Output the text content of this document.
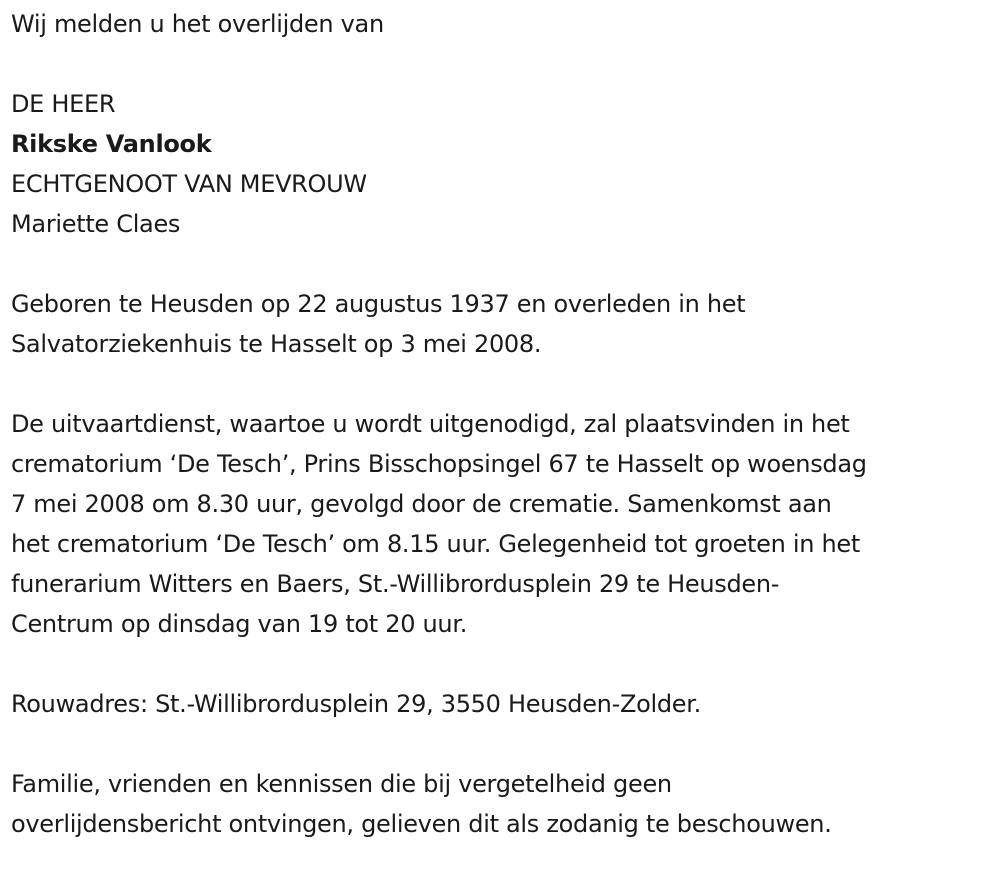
Wij melden u het overlijden van
DE HEER
Rikske Vanlook
ECHTGENOOT VAN MEVROUW
Mariette Claes
Geboren te Heusden op 22 augustus 1937 en overleden in het
Salvatorziekenhuis te Hasselt op 3 mei 2008.
De uitvaartdienst, waartoe u wordt uitgenodigd, zal plaatsvinden in het
crematorium ‘De Tesch’, Prins Bisschopsingel 67 te Hasselt op woensdag
7 mei 2008 om 8.30 uur, gevolgd door de crematie. Samenkomst aan
het crematorium ‘De Tesch’ om 8.15 uur. Gelegenheid tot groeten in het
funerarium Witters en Baers, St.-Willibrordusplein 29 te Heusden-
Centrum op dinsdag van 19 tot 20 uur.
Rouwadres: St.-Willibrordusplein 29, 3550 Heusden-Zolder.
Familie, vrienden en kennissen die bij vergetelheid geen
overlijdensbericht ontvingen, gelieven dit als zodanig te beschouwen.
